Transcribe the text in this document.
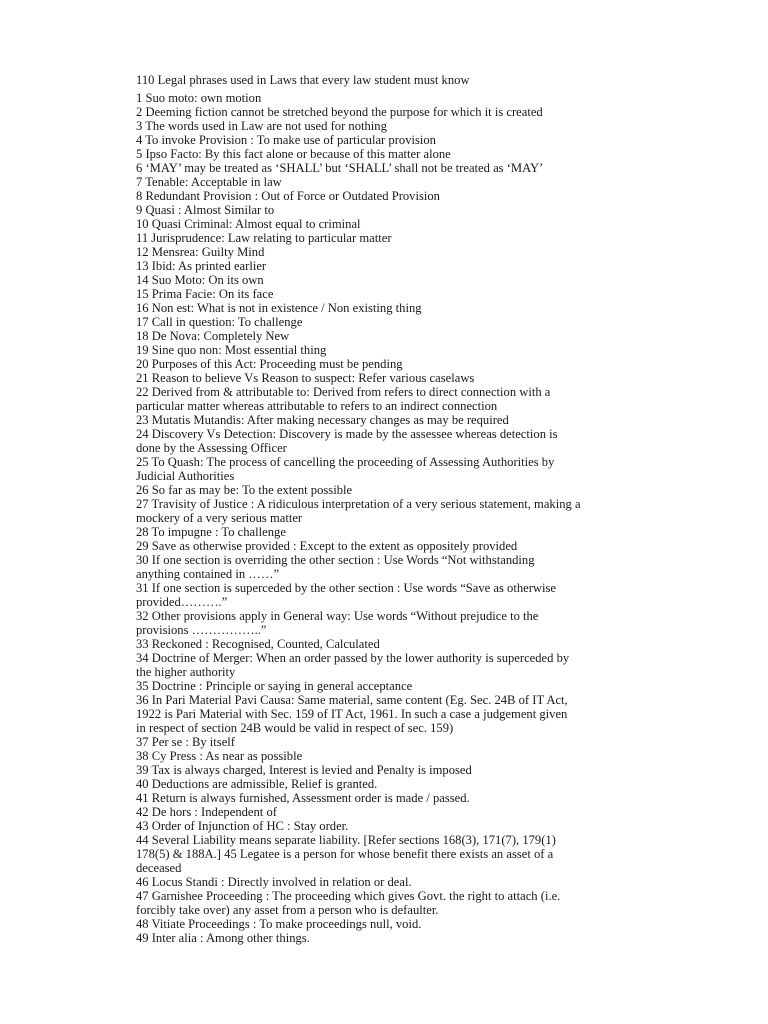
110 Legal phrases used in Laws that every law student must know
1 Suo moto: own motion
2 Deeming fiction cannot be stretched beyond the purpose for which it is created
3 The words used in Law are not used for nothing
4 To invoke Provision : To make use of particular provision
5 Ipso Facto: By this fact alone or because of this matter alone
6 ‘MAY’ may be treated as ‘SHALL’ but ‘SHALL’ shall not be treated as ‘MAY’
7 Tenable: Acceptable in law
8 Redundant Provision : Out of Force or Outdated Provision
9 Quasi : Almost Similar to
10 Quasi Criminal: Almost equal to criminal
11 Jurisprudence: Law relating to particular matter
12 Mensrea: Guilty Mind
13 Ibid: As printed earlier
14 Suo Moto: On its own
15 Prima Facie: On its face
16 Non est: What is not in existence / Non existing thing
17 Call in question: To challenge
18 De Nova: Completely New
19 Sine quo non: Most essential thing
20 Purposes of this Act: Proceeding must be pending
21 Reason to believe Vs Reason to suspect: Refer various caselaws
22 Derived from & attributable to: Derived from refers to direct connection with a
particular matter whereas attributable to refers to an indirect connection
23 Mutatis Mutandis: After making necessary changes as may be required
24 Discovery Vs Detection: Discovery is made by the assessee whereas detection is
done by the Assessing Officer
25 To Quash: The process of cancelling the proceeding of Assessing Authorities by
Judicial Authorities
26 So far as may be: To the extent possible
27 Travisity of Justice : A ridiculous interpretation of a very serious statement, making a
mockery of a very serious matter
28 To impugne : To challenge
29 Save as otherwise provided : Except to the extent as oppositely provided
30 If one section is overriding the other section : Use Words “Not withstanding
anything contained in ……”
31 If one section is superceded by the other section : Use words “Save as otherwise
provided……….”
32 Other provisions apply in General way: Use words “Without prejudice to the
provisions ……………..”
33 Reckoned : Recognised, Counted, Calculated
34 Doctrine of Merger: When an order passed by the lower authority is superceded by
the higher authority
35 Doctrine : Principle or saying in general acceptance
36 In Pari Material Pavi Causa: Same material, same content (Eg. Sec. 24B of IT Act,
1922 is Pari Material with Sec. 159 of IT Act, 1961. In such a case a judgement given
in respect of section 24B would be valid in respect of sec. 159)
37 Per se : By itself
38 Cy Press : As near as possible
39 Tax is always charged, Interest is levied and Penalty is imposed
40 Deductions are admissible, Relief is granted.
41 Return is always furnished, Assessment order is made / passed.
42 De hors : Independent of
43 Order of Injunction of HC : Stay order.
44 Several Liability means separate liability. [Refer sections 168(3), 171(7), 179(1)
178(5) & 188A.] 45 Legatee is a person for whose benefit there exists an asset of a
deceased
46 Locus Standi : Directly involved in relation or deal.
47 Garnishee Proceeding : The proceeding which gives Govt. the right to attach (i.e.
forcibly take over) any asset from a person who is defaulter.
48 Vitiate Proceedings : To make proceedings null, void.
49 Inter alia : Among other things.
